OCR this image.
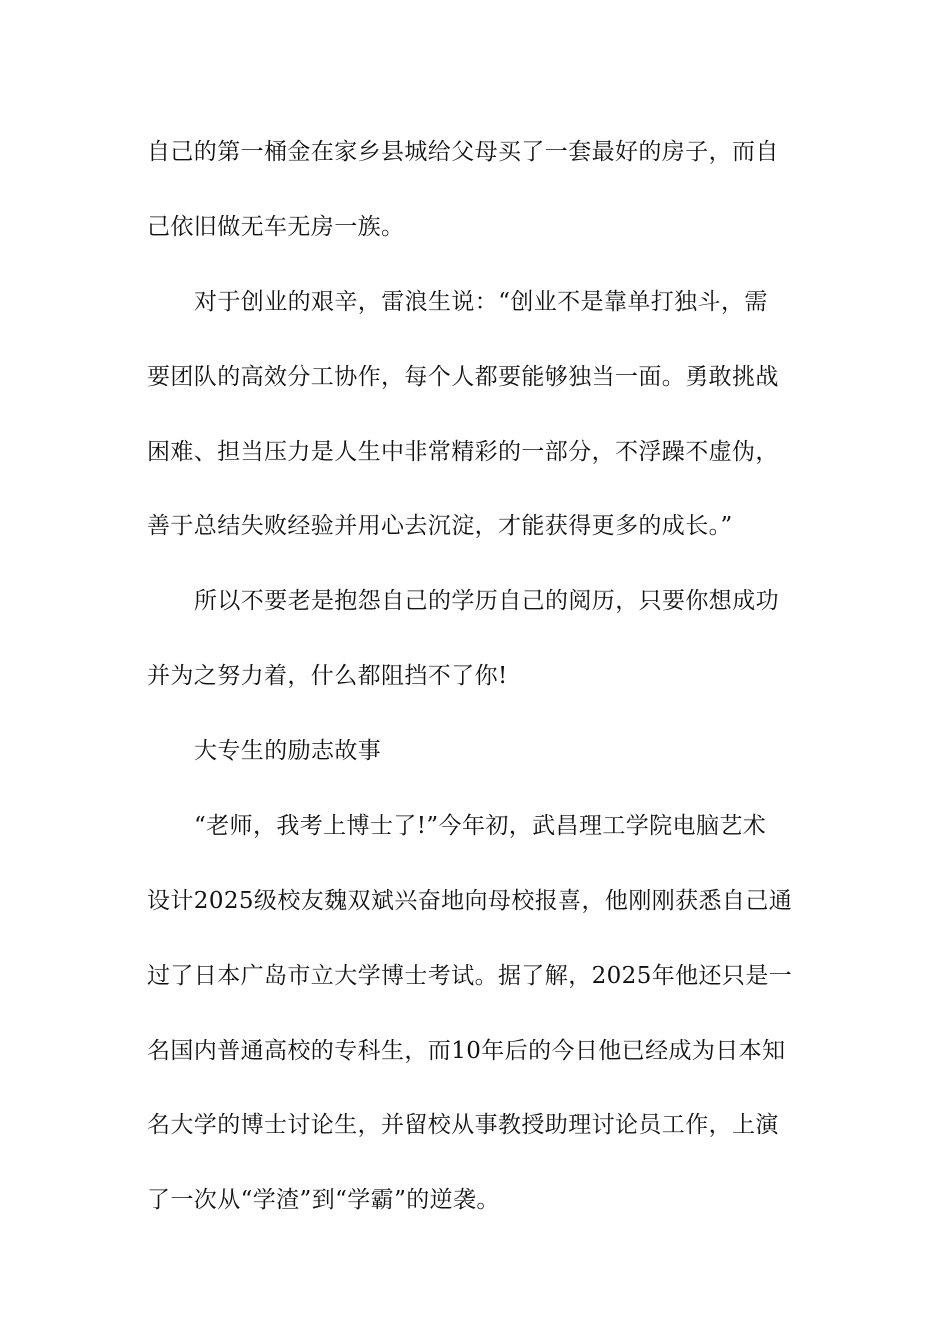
自己的第一桶金在家乡县城给父母买了一套最好的房子，而自
己依旧做无车无房一族。
对于创业的艰辛，雷浪生说：“创业不是靠单打独斗，需
要团队的高效分工协作，每个人都要能够独当一面。勇敢挑战
困难、担当压力是人生中非常精彩的一部分，不浮躁不虚伪，
善于总结失败经验并用心去沉淀，才能获得更多的成长。”
所以不要老是抱怨自己的学历自己的阅历，只要你想成功
并为之努力着，什么都阻挡不了你!
大专生的励志故事
“老师，我考上博士了!”今年初，武昌理工学院电脑艺术
设计2025级校友魏双斌兴奋地向母校报喜，他刚刚获悉自己通
过了日本广岛市立大学博士考试。据了解，2025年他还只是一
名国内普通高校的专科生，而10年后的今日他已经成为日本知
名大学的博士讨论生，并留校从事教授助理讨论员工作，上演
了一次从“学渣”到“学霸”的逆袭。
